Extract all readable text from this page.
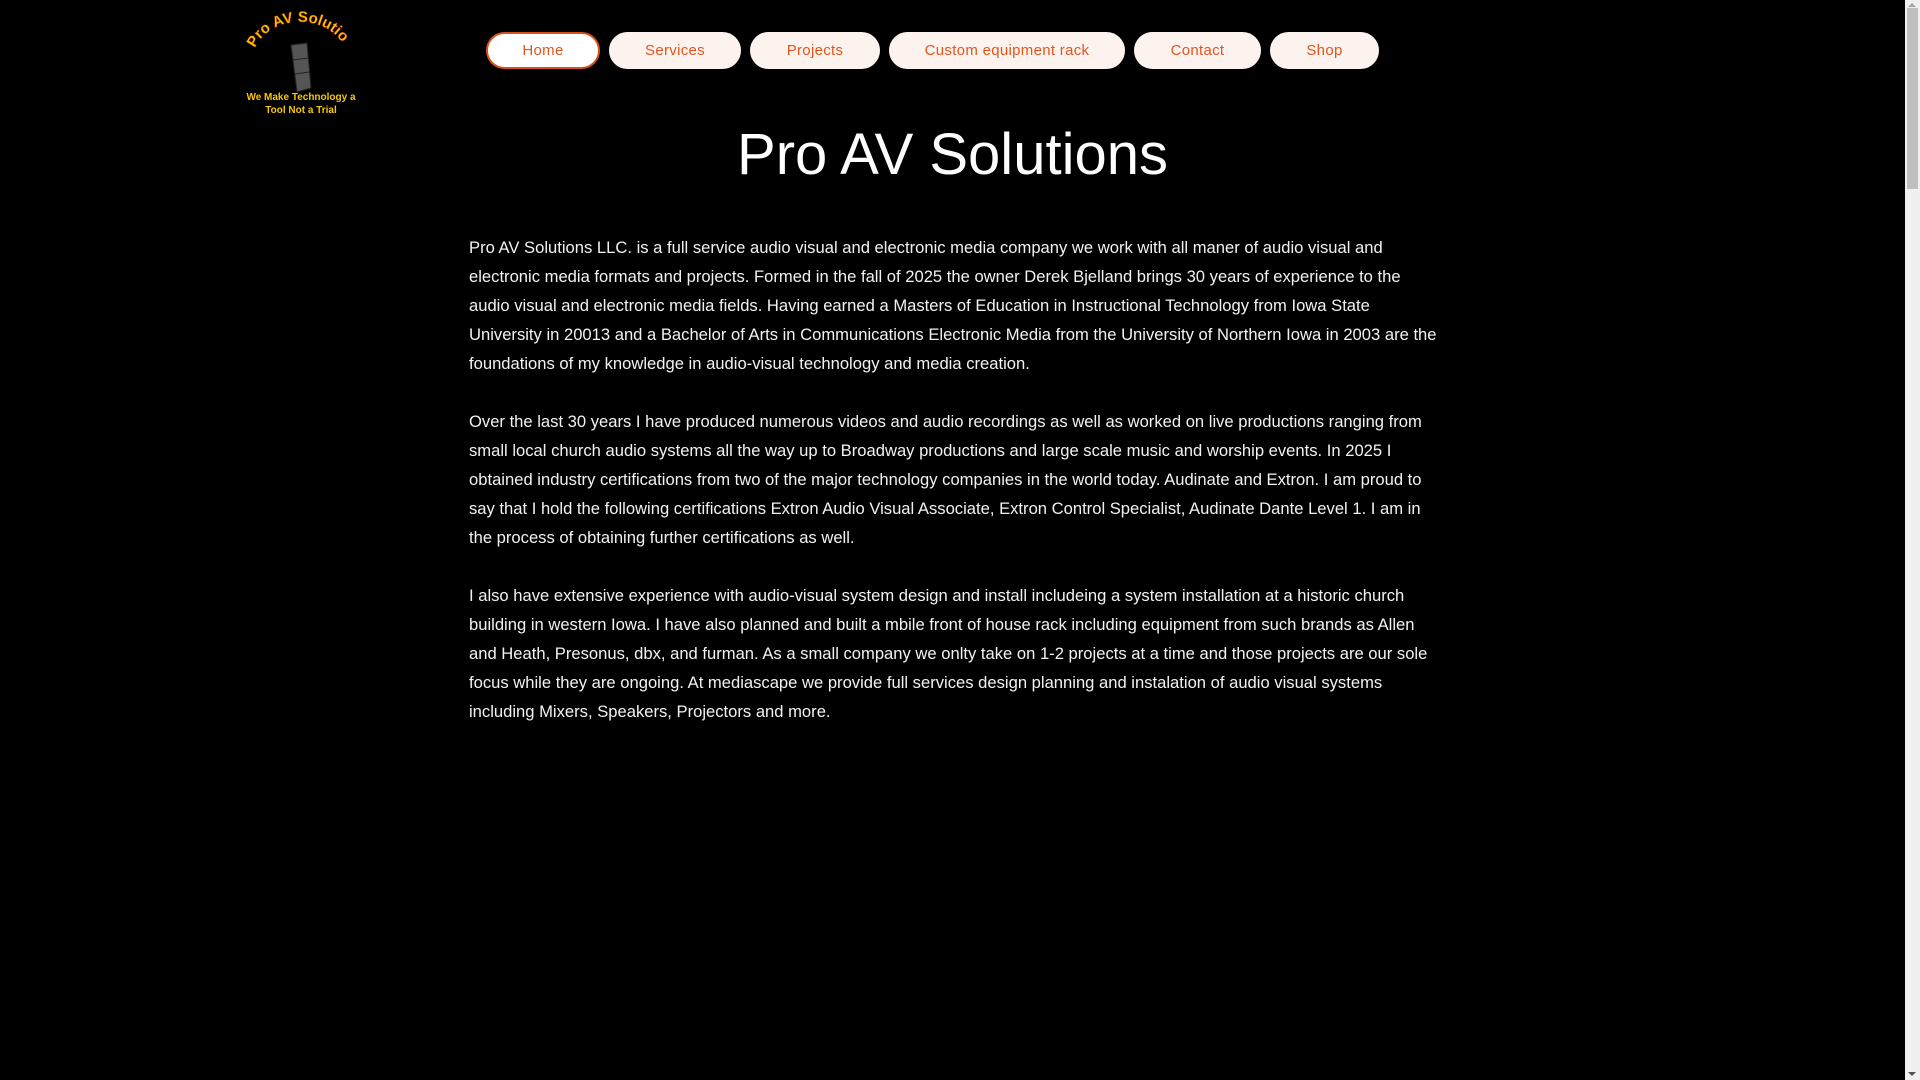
Pro AV Solutio
We Make Technology a
Tool Not a Trial
Home	Services	Projects	Custom equipment rack	Contact	Shop
Pro AV Solutions

Pro AV Solutions LLC. is a full service audio visual and electronic media company we work with all maner of audio visual and electronic media formats and projects. Formed in the fall of 2025 the owner Derek Bjelland brings 30 years of experience to the audio visual and electronic media fields. Having earned a Masters of Education in Instructional Technology from Iowa State University in 20013 and a Bachelor of Arts in Communications Electronic Media from the University of Northern Iowa in 2003 are the foundations of my knowledge in audio-visual technology and media creation.

Over the last 30 years I have produced numerous videos and audio recordings as well as worked on live productions ranging from small local church audio systems all the way up to Broadway productions and large scale music and worship events. In 2025 I obtained industry certifications from two of the major technology companies in the world today. Audinate and Extron. I am proud to say that I hold the following certifications Extron Audio Visual Associate, Extron Control Specialist, Audinate Dante Level 1. I am in the process of obtaining further certifications as well.

I also have extensive experience with audio-visual system design and install includeing a system installation at a historic church building in western Iowa. I have also planned and built a mbile front of house rack including equipment from such brands as Allen and Heath, Presonus, dbx, and furman. As a small company we onlty take on 1-2 projects at a time and those projects are our sole focus while they are ongoing. At mediascape we provide full services design planning and instalation of audio visual systems including Mixers, Speakers, Projectors and more.
